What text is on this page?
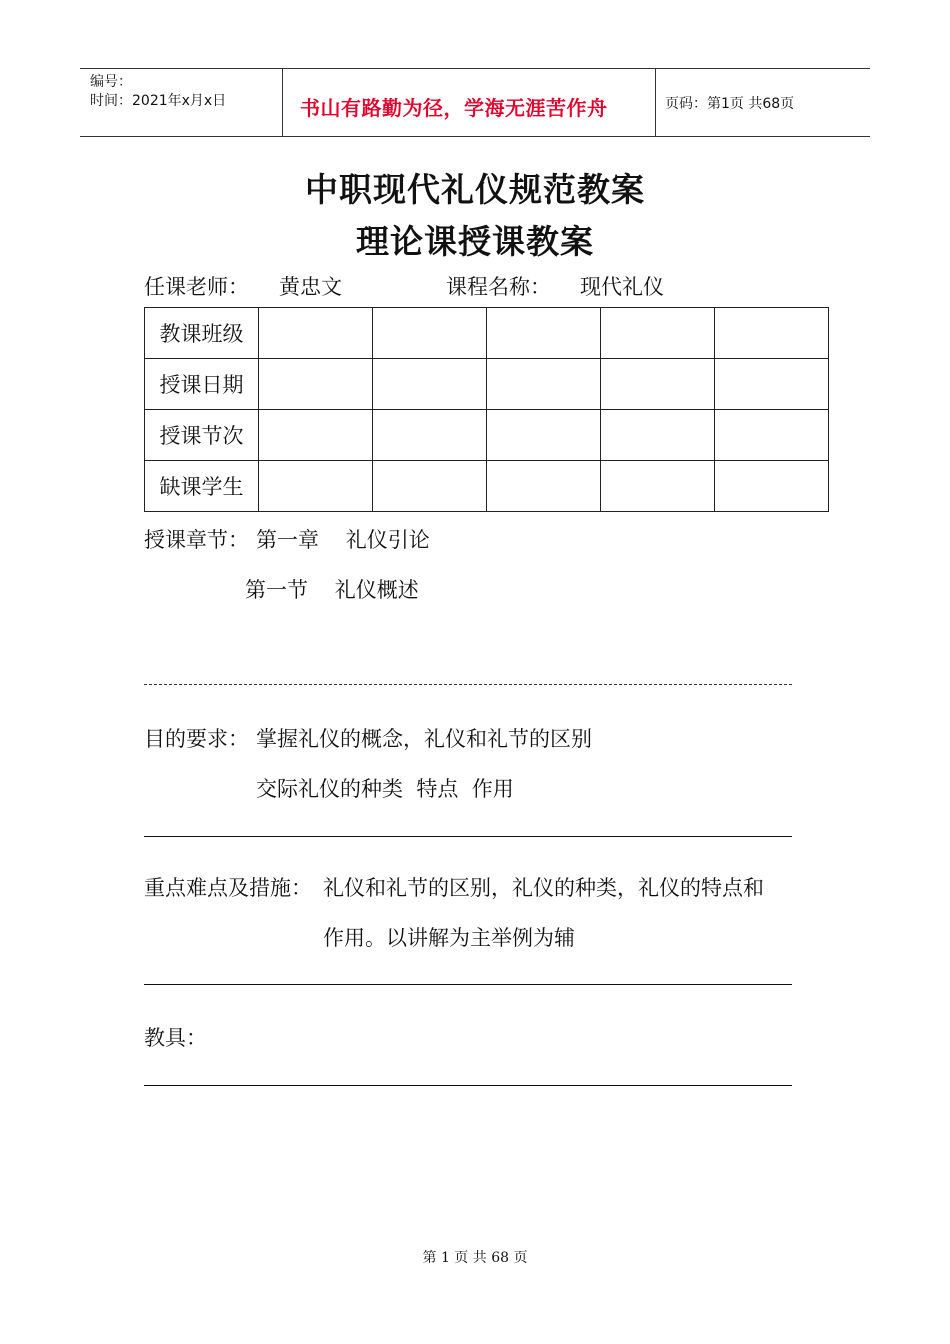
编号：
时间：2021年x月x日	书山有路勤为径，学海无涯苦作舟	页码：第1页 共68页
中职现代礼仪规范教案
理论课授课教案
任课老师： 黄忠文	课程名称： 现代礼仪
教课班级					
授课日期					
授课节次					
缺课学生					
授课章节： 第一章    礼仪引论
第一节    礼仪概述
目的要求： 掌握礼仪的概念，礼仪和礼节的区别
交际礼仪的种类  特点  作用
重点难点及措施： 礼仪和礼节的区别，礼仪的种类，礼仪的特点和
作用。以讲解为主举例为辅
教具：
第 1 页 共 68 页
